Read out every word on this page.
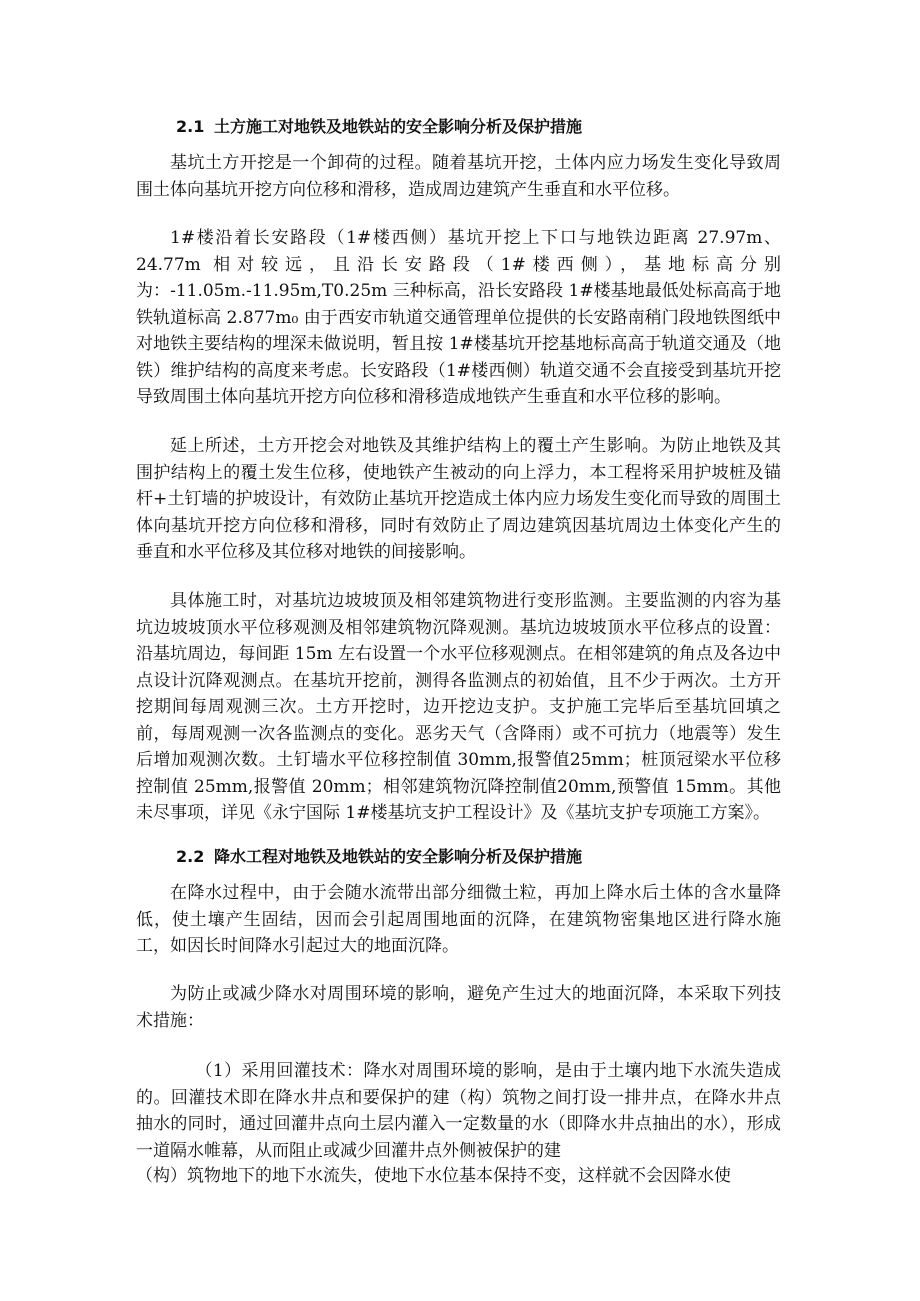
2.1 土方施工对地铁及地铁站的安全影响分析及保护措施

基坑土方开挖是一个卸荷的过程。随着基坑开挖，土体内应力场发生变化导致周围土体向基坑开挖方向位移和滑移，造成周边建筑产生垂直和水平位移。

1#楼沿着长安路段（1#楼西侧）基坑开挖上下口与地铁边距离 27.97m、24.77m 相对较远，且沿长安路段（1#楼西侧），基地标高分别为：-11.05m.-11.95m,T0.25m 三种标高，沿长安路段 1#楼基地最低处标高高于地铁轨道标高 2.877m₀ 由于西安市轨道交通管理单位提供的长安路南稍门段地铁图纸中对地铁主要结构的埋深未做说明，暂且按 1#楼基坑开挖基地标高高于轨道交通及（地铁）维护结构的高度来考虑。长安路段（1#楼西侧）轨道交通不会直接受到基坑开挖导致周围土体向基坑开挖方向位移和滑移造成地铁产生垂直和水平位移的影响。

延上所述，土方开挖会对地铁及其维护结构上的覆土产生影响。为防止地铁及其围护结构上的覆土发生位移，使地铁产生被动的向上浮力，本工程将采用护坡桩及锚杆+土钉墙的护坡设计，有效防止基坑开挖造成土体内应力场发生变化而导致的周围土体向基坑开挖方向位移和滑移，同时有效防止了周边建筑因基坑周边土体变化产生的垂直和水平位移及其位移对地铁的间接影响。

具体施工时，对基坑边坡坡顶及相邻建筑物进行变形监测。主要监测的内容为基坑边坡坡顶水平位移观测及相邻建筑物沉降观测。基坑边坡坡顶水平位移点的设置：沿基坑周边，每间距 15m 左右设置一个水平位移观测点。在相邻建筑的角点及各边中点设计沉降观测点。在基坑开挖前，测得各监测点的初始值，且不少于两次。土方开挖期间每周观测三次。土方开挖时，边开挖边支护。支护施工完毕后至基坑回填之前，每周观测一次各监测点的变化。恶劣天气（含降雨）或不可抗力（地震等）发生后增加观测次数。土钉墙水平位移控制值 30mm,报警值25mm；桩顶冠梁水平位移控制值 25mm,报警值 20mm；相邻建筑物沉降控制值20mm,预警值 15mm。其他未尽事项，详见《永宁国际 1#楼基坑支护工程设计》及《基坑支护专项施工方案》。

2.2 降水工程对地铁及地铁站的安全影响分析及保护措施

在降水过程中，由于会随水流带出部分细微土粒，再加上降水后土体的含水量降低，使土壤产生固结，因而会引起周围地面的沉降，在建筑物密集地区进行降水施工，如因长时间降水引起过大的地面沉降。

为防止或减少降水对周围环境的影响，避免产生过大的地面沉降，本采取下列技术措施：

（1）采用回灌技术：降水对周围环境的影响，是由于土壤内地下水流失造成的。回灌技术即在降水井点和要保护的建（构）筑物之间打设一排井点，在降水井点抽水的同时，通过回灌井点向土层内灌入一定数量的水（即降水井点抽出的水），形成一道隔水帷幕，从而阻止或减少回灌井点外侧被保护的建

（构）筑物地下的地下水流失，使地下水位基本保持不变，这样就不会因降水使
